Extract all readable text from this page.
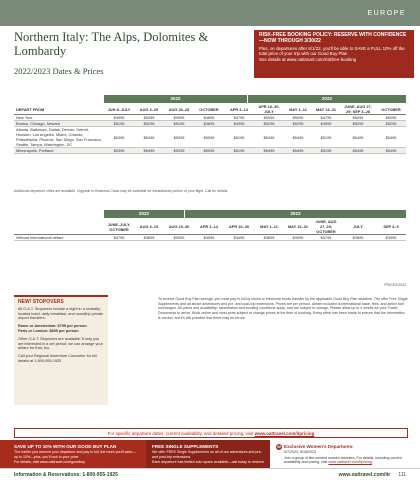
EUROPE
Northern Italy: The Alps, Dolomites & Lombardy
2022/2023 Dates & Prices
RISK-FREE BOOKING POLICY: RESERVE WITH CONFIDENCE—NOW THROUGH 3/30/22
Plus, on departures after 6/1/22, you'll be able to SAVE a FULL 10% off the total price of your trip with our Good Buy Plan
See details at www.oattravel.com/riskfree-booking
2022	2022
DEPART FROM	JUN 8–JULY	AUG 3–25	AUG 26–28	OCTOBER	APR 3–14	APR 16–30, JULY	MAY 1–11	MAY 13–31	JUNE, AUG 27, 29; SEP 3–28	OCTOBER
New York	$4995	$5095	$4995	$4695	$4795	$5095	$5095	$4795	$5095	$5095
Boston, Chicago, Newark	$5195	$5295	$5195	$4895	$4995	$5295	$5295	$4995	$5295	$5295
Atlanta, Baltimore, Dallas, Denver, Detroit, Houston, Los Angeles, Miami, Orlando, Philadelphia, Phoenix, San Diego, San Francisco, Seattle, Tampa, Washington, DC	$5395	$5495	$5395	$5095	$5195	$5495	$5495	$5195	$5495	$5495
Minneapolis, Portland	$5395	$5495	$5395	$5095	$5195	$5495	$5495	$5195	$5495	$5495
Additional departure cities are available. Upgrade to Business Class may be available for transatlantic portion of your flight. Call for details.
2022	2023
	JUNE–JULY, OCTOBER	AUG 3–13	AUG 15–30	APR 3–14	APR 16–30	MAY 1–11	MAY 13–31	JUNE, AUG 27, 29; OCTOBER	JULY	SEP 3–5
Without international airfare	$3795	$3895	$3995	$3595	$3495	$3895	$3995	$3795	$3895	$3995
PRICES/2022
NEW! STOPOVERS
All O.A.T. Stopovers include a night in a centrally-located hotel, daily breakfast, and roundtrip private airport transfers:
Rome or Amsterdam: $795 per person
Paris or London: $895 per person
Other O.A.T. Stopovers are available. If only you are interested in a set period, we can arrange your airfare for that, too.
Call your Regional Adventure Counselor for full details at 1-800-955-1925
To receive Good Buy Plan savings, you must pay in full by check or electronic funds transfer by the applicable Good Buy Plan deadline. The offer Free Single Supplements and all above adventures and pre- and post-trip extensions. Prices are per person. Airfare included is international base, fees, and airline fuel surcharges. All prices and availability: cancellation and booking conditions apply, and are subject to change. Please allow up to 4 weeks for your Travel Documents to arrive. Book online and most ports subject to change prices at the time of booking. Every effort has been made to ensure that the information is correct, but it's still possible that there may be errors.
For specific departure dates, current availability, and detailed pricing, visit www.oattravel.com/itpricing
SAVE UP TO 10% WITH OUR GOOD BUY PLAN
The earlier you reserve your departure and pay in full, the more you'll save—up to 10%—plus, you'll lock in your price
For details, visit www.oattravel.com/goodbuy
FREE SINGLE SUPPLEMENTS
We offer FREE Single Supplements on all of our adventures and pre- and post-trip extensions.
Each departure has limited solo space available—call today to reserve
W Exclusive Women's Departures:
5/7/2023, 6/18/2023
Join a group of like-minded women travelers. For details, including current availability and pricing, visit www.oattravel.com/itpricing
Information & Reservations: 1-800-955-1925	www.oattravel.com/itr 111
